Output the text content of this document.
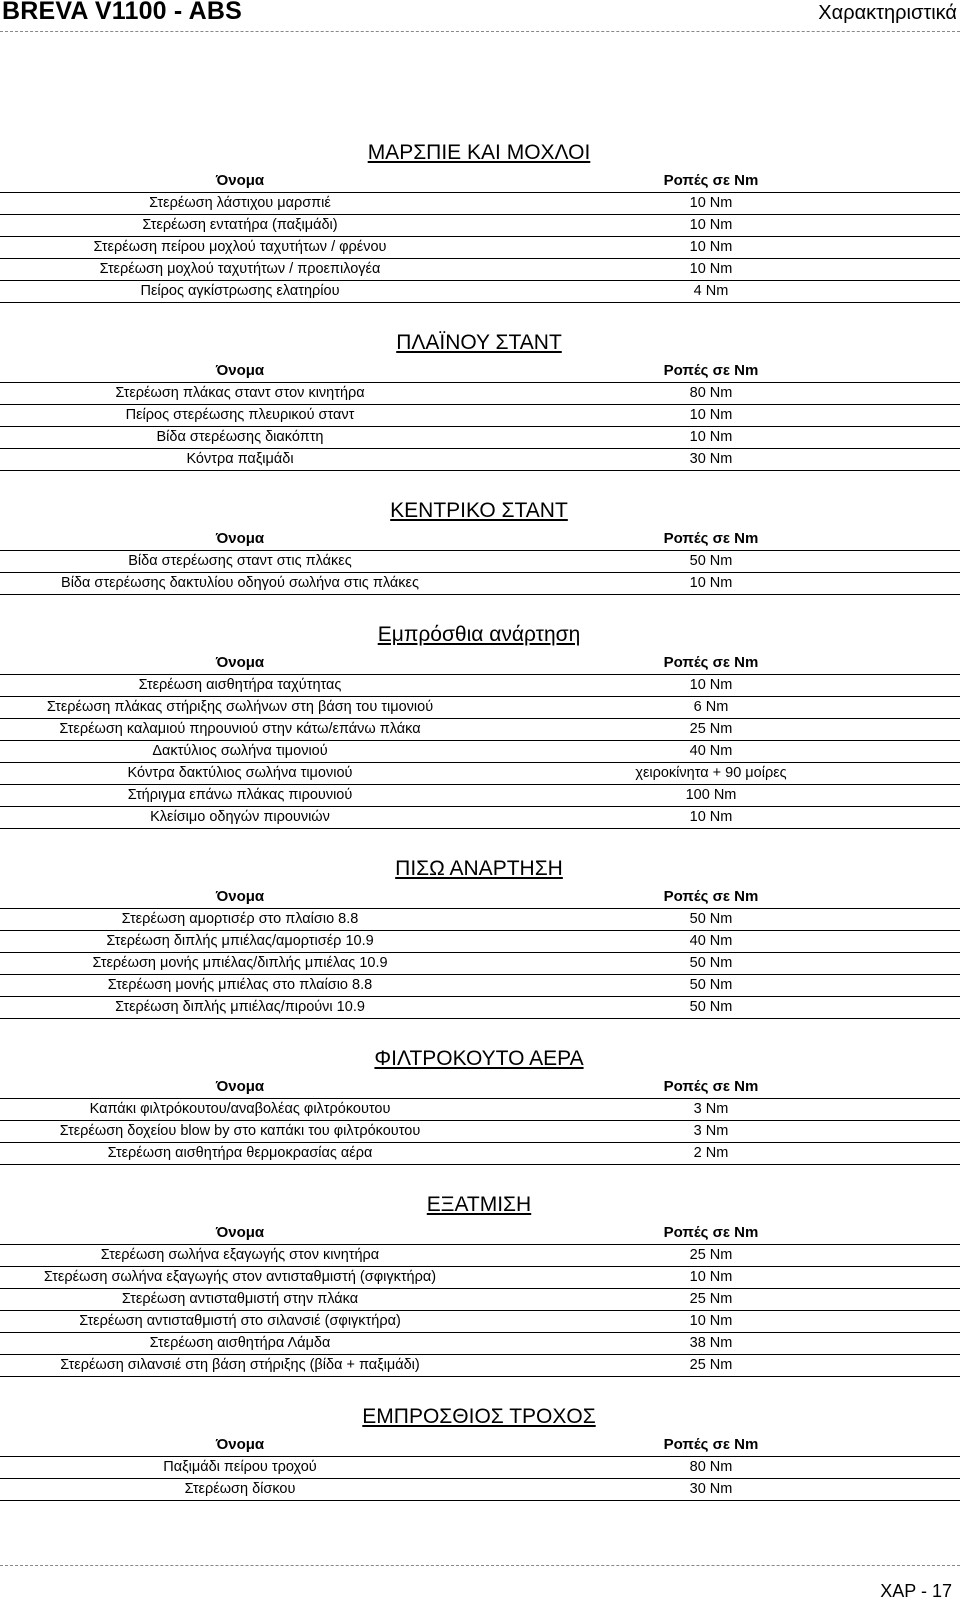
BREVA V1100 - ABS	Χαρακτηριστικά
ΜΑΡΣΠΙΕ ΚΑΙ ΜΟΧΛΟΙ
Όνομα	Ροπές σε Nm
Στερέωση λάστιχου μαρσπιέ	10 Nm
Στερέωση εντατήρα (παξιμάδι)	10 Nm
Στερέωση πείρου μοχλού ταχυτήτων / φρένου	10 Nm
Στερέωση μοχλού ταχυτήτων / προεπιλογέα	10 Nm
Πείρος αγκίστρωσης ελατηρίου	4 Nm
ΠΛΑΪΝΟΥ ΣΤΑΝΤ
Όνομα	Ροπές σε Nm
Στερέωση πλάκας σταντ στον κινητήρα	80 Nm
Πείρος στερέωσης πλευρικού σταντ	10 Nm
Βίδα στερέωσης διακόπτη	10 Nm
Κόντρα παξιμάδι	30 Nm
ΚΕΝΤΡΙΚΟ ΣΤΑΝΤ
Όνομα	Ροπές σε Nm
Βίδα στερέωσης σταντ στις πλάκες	50 Nm
Βίδα στερέωσης δακτυλίου οδηγού σωλήνα στις πλάκες	10 Nm
Εμπρόσθια ανάρτηση
Όνομα	Ροπές σε Nm
Στερέωση αισθητήρα ταχύτητας	10 Nm
Στερέωση πλάκας στήριξης σωλήνων στη βάση του τιμονιού	6 Nm
Στερέωση καλαμιού πηρουνιού στην κάτω/επάνω πλάκα	25 Nm
Δακτύλιος σωλήνα τιμονιού	40 Nm
Κόντρα δακτύλιος σωλήνα τιμονιού	χειροκίνητα + 90 μοίρες
Στήριγμα επάνω πλάκας πιρουνιού	100 Nm
Κλείσιμο οδηγών πιρουνιών	10 Nm
ΠΙΣΩ ΑΝΑΡΤΗΣΗ
Όνομα	Ροπές σε Nm
Στερέωση αμορτισέρ στο πλαίσιο 8.8	50 Nm
Στερέωση διπλής μπιέλας/αμορτισέρ 10.9	40 Nm
Στερέωση μονής μπιέλας/διπλής μπιέλας 10.9	50 Nm
Στερέωση μονής μπιέλας στο πλαίσιο 8.8	50 Nm
Στερέωση διπλής μπιέλας/πιρούνι 10.9	50 Nm
ΦΙΛΤΡΟΚΟΥΤΟ ΑΕΡΑ
Όνομα	Ροπές σε Nm
Καπάκι φιλτρόκουτου/αναβολέας φιλτρόκουτου	3 Nm
Στερέωση δοχείου blow by στο καπάκι του φιλτρόκουτου	3 Nm
Στερέωση αισθητήρα θερμοκρασίας αέρα	2 Nm
ΕΞΑΤΜΙΣΗ
Όνομα	Ροπές σε Nm
Στερέωση σωλήνα εξαγωγής στον κινητήρα	25 Nm
Στερέωση σωλήνα εξαγωγής στον αντισταθμιστή (σφιγκτήρα)	10 Nm
Στερέωση αντισταθμιστή στην πλάκα	25 Nm
Στερέωση αντισταθμιστή στο σιλανσιέ (σφιγκτήρα)	10 Nm
Στερέωση αισθητήρα Λάμδα	38 Nm
Στερέωση σιλανσιέ στη βάση στήριξης (βίδα + παξιμάδι)	25 Nm
ΕΜΠΡΟΣΘΙΟΣ ΤΡΟΧΟΣ
Όνομα	Ροπές σε Nm
Παξιμάδι πείρου τροχού	80 Nm
Στερέωση δίσκου	30 Nm
ΧΑΡ - 17
